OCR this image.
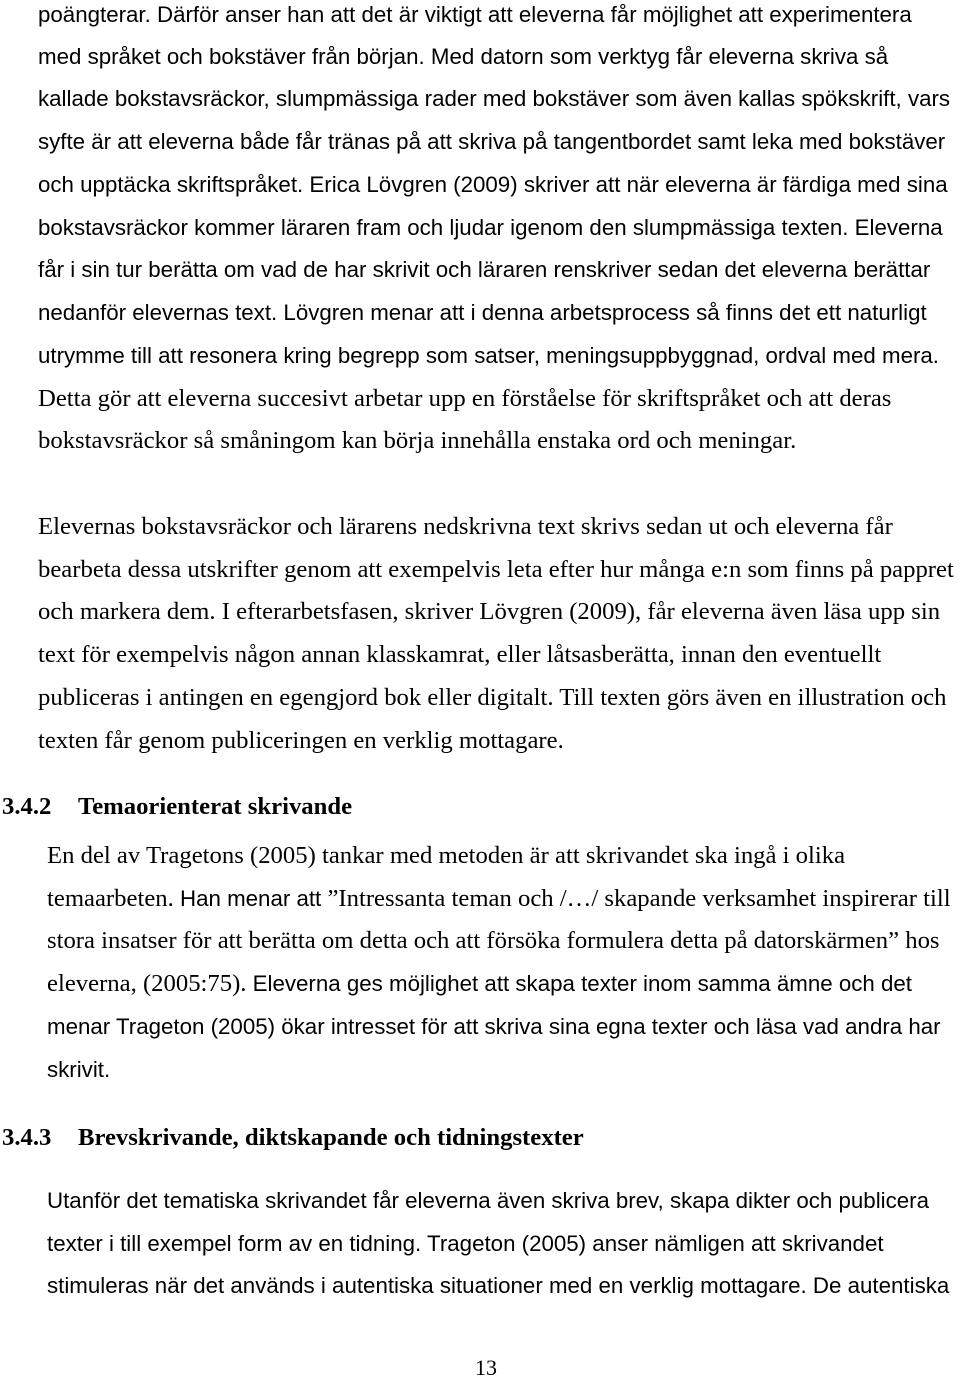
poängterar. Därför anser han att det är viktigt att eleverna får möjlighet att experimentera
med språket och bokstäver från början. Med datorn som verktyg får eleverna skriva så
kallade bokstavsräckor, slumpmässiga rader med bokstäver som även kallas spökskrift, vars
syfte är att eleverna både får tränas på att skriva på tangentbordet samt leka med bokstäver
och upptäcka skriftspråket. Erica Lövgren (2009) skriver att när eleverna är färdiga med sina
bokstavsräckor kommer läraren fram och ljudar igenom den slumpmässiga texten. Eleverna
får i sin tur berätta om vad de har skrivit och läraren renskriver sedan det eleverna berättar
nedanför elevernas text. Lövgren menar att i denna arbetsprocess så finns det ett naturligt
utrymme till att resonera kring begrepp som satser, meningsuppbyggnad, ordval med mera.
Detta gör att eleverna succesivt arbetar upp en förståelse för skriftspråket och att deras
bokstavsräckor så småningom kan börja innehålla enstaka ord och meningar.
Elevernas bokstavsräckor och lärarens nedskrivna text skrivs sedan ut och eleverna får
bearbeta dessa utskrifter genom att exempelvis leta efter hur många e:n som finns på pappret
och markera dem. I efterarbetsfasen, skriver Lövgren (2009), får eleverna även läsa upp sin
text för exempelvis någon annan klasskamrat, eller låtsasberätta, innan den eventuellt
publiceras i antingen en egengjord bok eller digitalt. Till texten görs även en illustration och
texten får genom publiceringen en verklig mottagare.
3.4.2 Temaorienterat skrivande
En del av Tragetons (2005) tankar med metoden är att skrivandet ska ingå i olika
temaarbeten. Han menar att ”Intressanta teman och /…/ skapande verksamhet inspirerar till
stora insatser för att berätta om detta och att försöka formulera detta på datorskärmen” hos
eleverna, (2005:75). Eleverna ges möjlighet att skapa texter inom samma ämne och det
menar Trageton (2005) ökar intresset för att skriva sina egna texter och läsa vad andra har
skrivit.
3.4.3 Brevskrivande, diktskapande och tidningstexter
Utanför det tematiska skrivandet får eleverna även skriva brev, skapa dikter och publicera
texter i till exempel form av en tidning. Trageton (2005) anser nämligen att skrivandet
stimuleras när det används i autentiska situationer med en verklig mottagare. De autentiska
13
